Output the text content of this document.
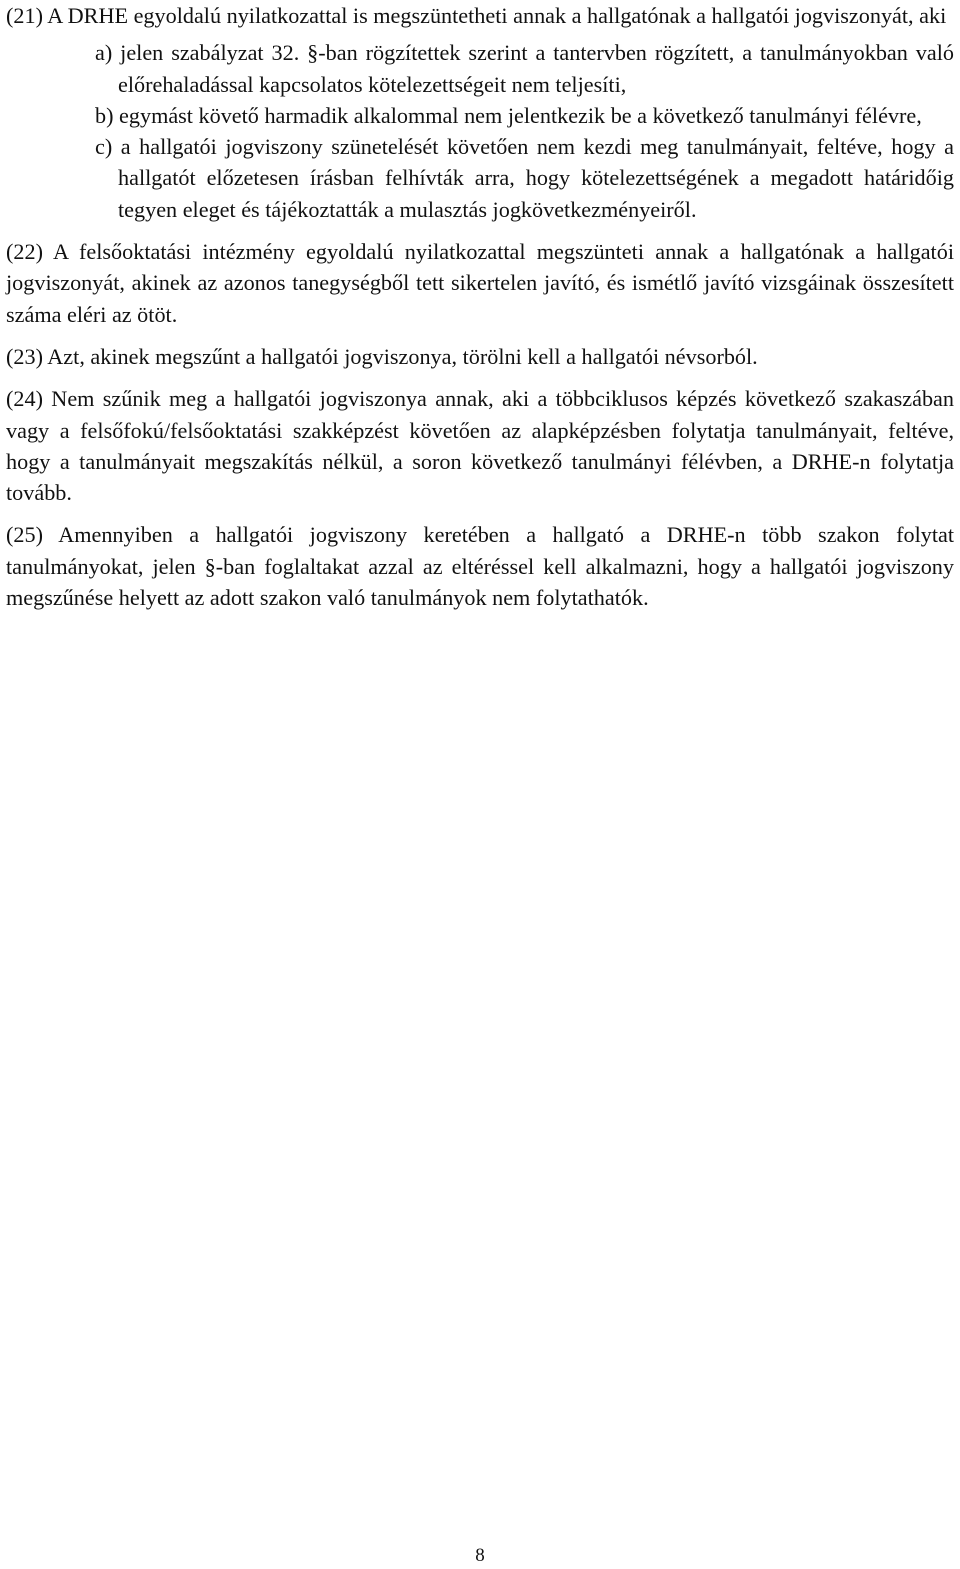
(21) A DRHE egyoldalú nyilatkozattal is megszüntetheti annak a hallgatónak a hallgatói jogviszonyát, aki

a) jelen szabályzat 32. §-ban rögzítettek szerint a tantervben rögzített, a tanulmányokban való előrehaladással kapcsolatos kötelezettségeit nem teljesíti,

b) egymást követő harmadik alkalommal nem jelentkezik be a következő tanulmányi félévre,

c) a hallgatói jogviszony szünetelését követően nem kezdi meg tanulmányait, feltéve, hogy a hallgatót előzetesen írásban felhívták arra, hogy kötelezettségének a megadott határidőig tegyen eleget és tájékoztatták a mulasztás jogkövetkezményeiről.

(22) A felsőoktatási intézmény egyoldalú nyilatkozattal megszünteti annak a hallgatónak a hallgatói jogviszonyát, akinek az azonos tanegységből tett sikertelen javító, és ismétlő javító vizsgáinak összesített száma eléri az ötöt.

(23) Azt, akinek megszűnt a hallgatói jogviszonya, törölni kell a hallgatói névsorból.

(24) Nem szűnik meg a hallgatói jogviszonya annak, aki a többciklusos képzés következő szakaszában vagy a felsőfokú/felsőoktatási szakképzést követően az alapképzésben folytatja tanulmányait, feltéve, hogy a tanulmányait megszakítás nélkül, a soron következő tanulmányi félévben, a DRHE-n folytatja tovább.

(25) Amennyiben a hallgatói jogviszony keretében a hallgató a DRHE-n több szakon folytat tanulmányokat, jelen §-ban foglaltakat azzal az eltéréssel kell alkalmazni, hogy a hallgatói jogviszony megszűnése helyett az adott szakon való tanulmányok nem folytathatók.

8
